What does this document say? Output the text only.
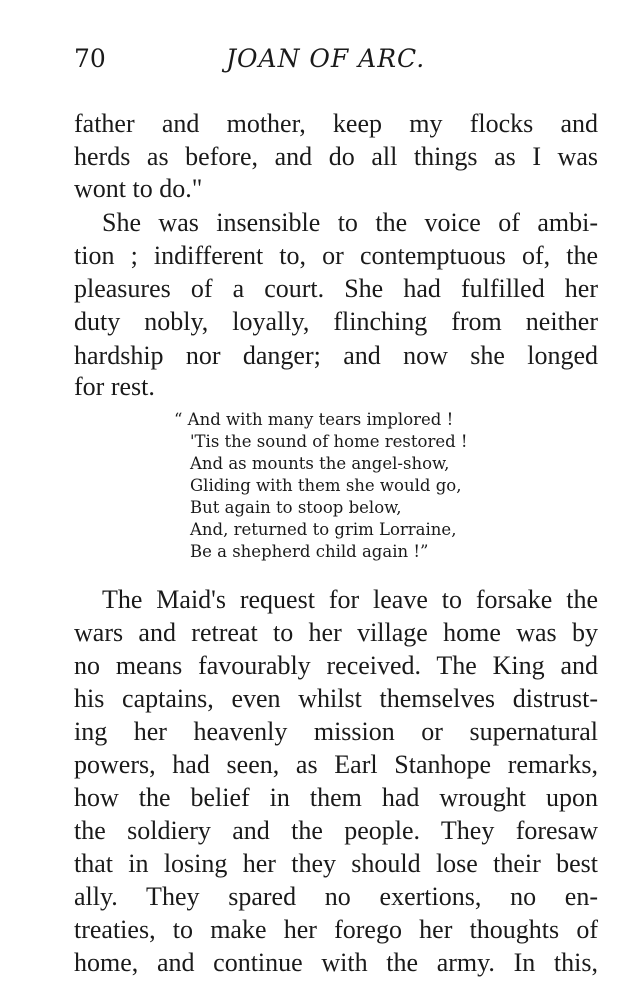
70	JOAN OF ARC.
father and mother, keep my flocks and
herds as before, and do all things as I was
wont to do."
She was insensible to the voice of ambi-
tion ; indifferent to, or contemptuous of, the
pleasures of a court. She had fulfilled her
duty nobly, loyally, flinching from neither
hardship nor danger; and now she longed
for rest.
The Maid's request for leave to forsake the
wars and retreat to her village home was by
no means favourably received. The King and
his captains, even whilst themselves distrust-
ing her heavenly mission or supernatural
powers, had seen, as Earl Stanhope remarks,
how the belief in them had wrought upon
the soldiery and the people. They foresaw
that in losing her they should lose their best
ally. They spared no exertions, no en-
treaties, to make her forego her thoughts of
home, and continue with the army. In this,
“ And with many tears implored !
'Tis the sound of home restored !
And as mounts the angel-show,
Gliding with them she would go,
But again to stoop below,
And, returned to grim Lorraine,
Be a shepherd child again !”
